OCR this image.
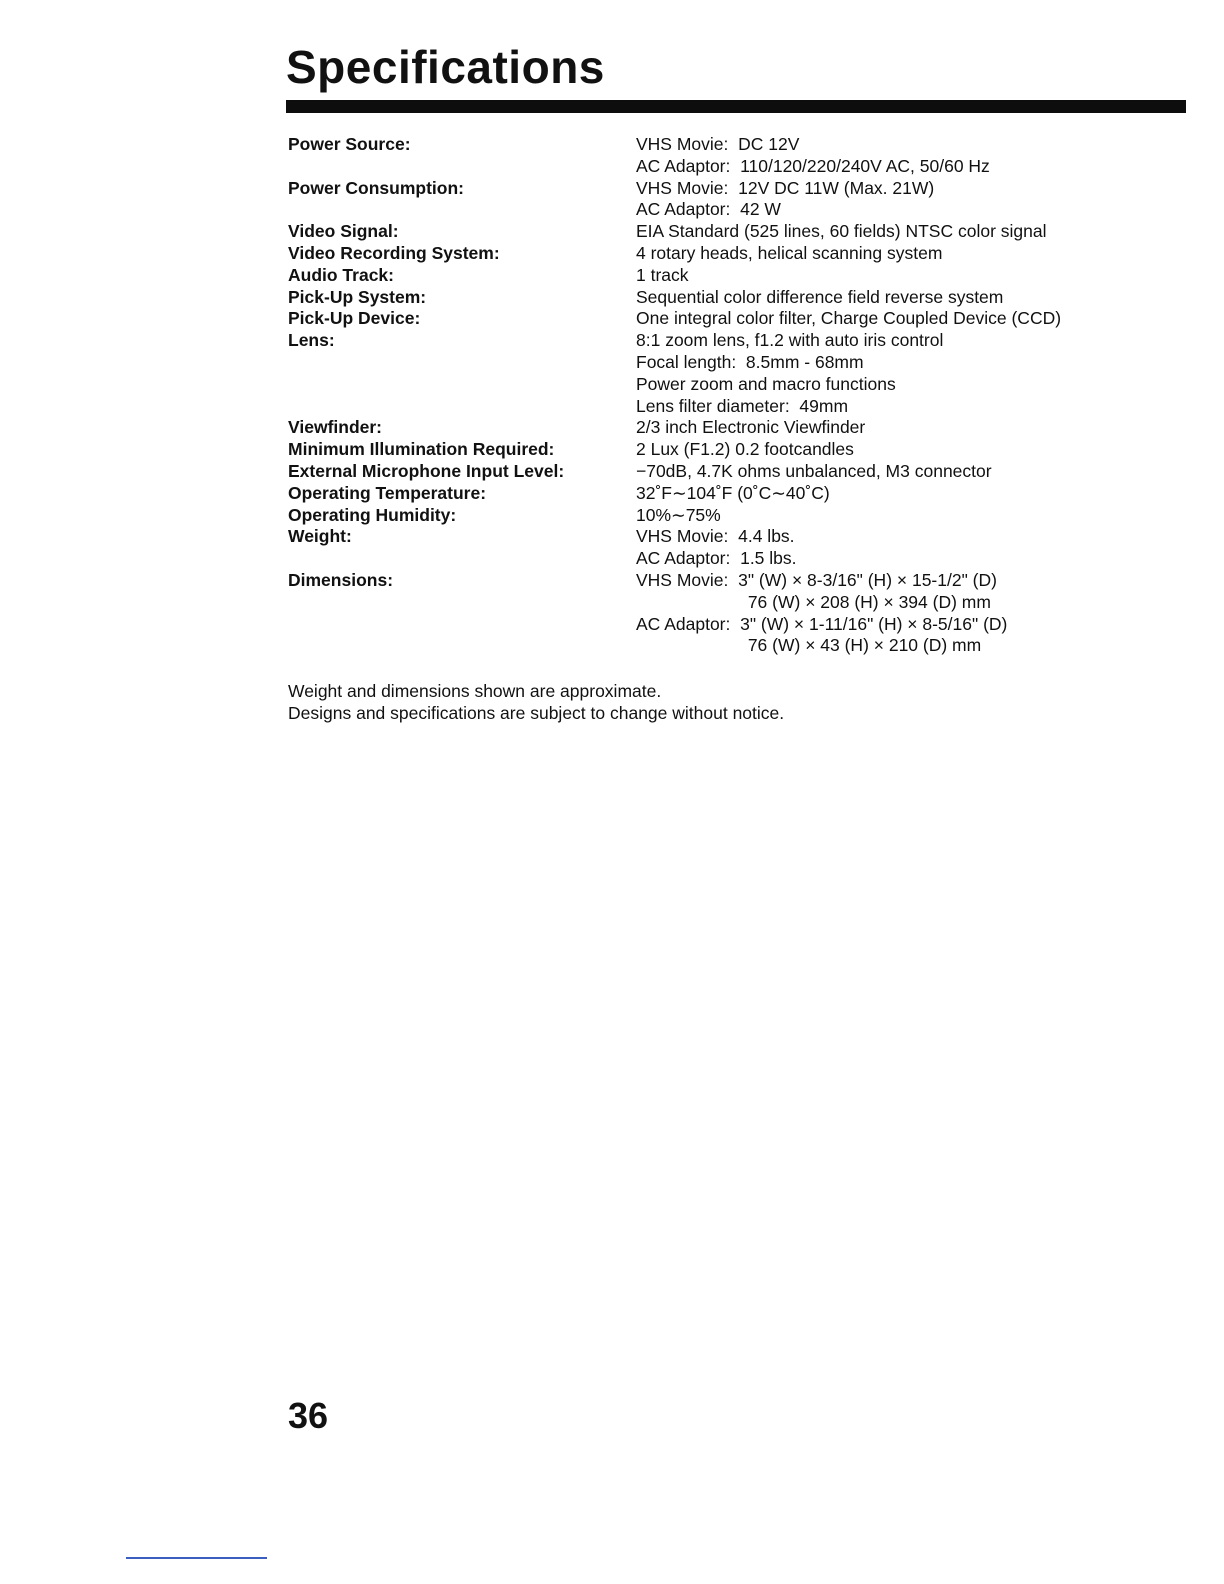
Specifications
Power Source:	VHS Movie:  DC 12V
AC Adaptor:  110/120/220/240V AC, 50/60 Hz
Power Consumption:	VHS Movie:  12V DC 11W (Max. 21W)
AC Adaptor:  42 W
Video Signal:	EIA Standard (525 lines, 60 fields) NTSC color signal
Video Recording System:	4 rotary heads, helical scanning system
Audio Track:	1 track
Pick-Up System:	Sequential color difference field reverse system
Pick-Up Device:	One integral color filter, Charge Coupled Device (CCD)
Lens:	8:1 zoom lens, f1.2 with auto iris control
Focal length:  8.5mm - 68mm
Power zoom and macro functions
Lens filter diameter:  49mm
Viewfinder:	2/3 inch Electronic Viewfinder
Minimum Illumination Required:	2 Lux (F1.2) 0.2 footcandles
External Microphone Input Level:	−70dB, 4.7K ohms unbalanced, M3 connector
Operating Temperature:	32˚F∼104˚F (0˚C∼40˚C)
Operating Humidity:	10%∼75%
Weight:	VHS Movie:  4.4 lbs.
AC Adaptor:  1.5 lbs.
Dimensions:	VHS Movie:  3" (W) × 8-3/16" (H) × 15-1/2" (D)
76 (W) × 208 (H) × 394 (D) mm
AC Adaptor:  3" (W) × 1-11/16" (H) × 8-5/16" (D)
76 (W) × 43 (H) × 210 (D) mm
Weight and dimensions shown are approximate.
Designs and specifications are subject to change without notice.
36
